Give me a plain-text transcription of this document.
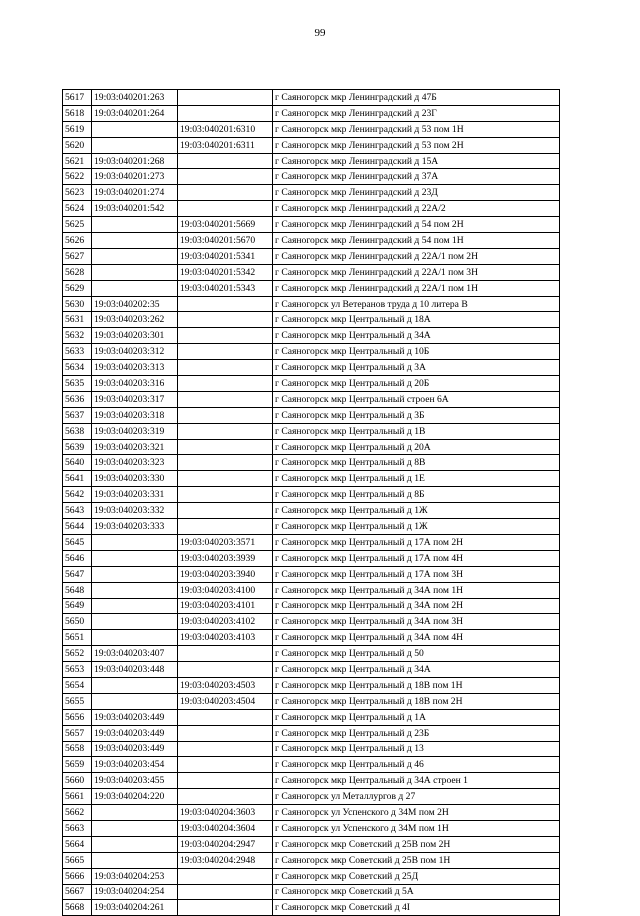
99
5617	19:03:040201:263		г Саяногорск мкр Ленинградский д 47Б
5618	19:03:040201:264		г Саяногорск мкр Ленинградский д 23Г
5619		19:03:040201:6310	г Саяногорск мкр Ленинградский д 53 пом 1Н
5620		19:03:040201:6311	г Саяногорск мкр Ленинградский д 53 пом 2Н
5621	19:03:040201:268		г Саяногорск мкр Ленинградский д 15А
5622	19:03:040201:273		г Саяногорск мкр Ленинградский д 37А
5623	19:03:040201:274		г Саяногорск мкр Ленинградский д 23Д
5624	19:03:040201:542		г Саяногорск мкр Ленинградский д 22А/2
5625		19:03:040201:5669	г Саяногорск мкр Ленинградский д 54 пом 2Н
5626		19:03:040201:5670	г Саяногорск мкр Ленинградский д 54 пом 1Н
5627		19:03:040201:5341	г Саяногорск мкр Ленинградский д 22А/1 пом 2Н
5628		19:03:040201:5342	г Саяногорск мкр Ленинградский д 22А/1 пом 3Н
5629		19:03:040201:5343	г Саяногорск мкр Ленинградский д 22А/1 пом 1Н
5630	19:03:040202:35		г Саяногорск ул Ветеранов труда д 10 литера В
5631	19:03:040203:262		г Саяногорск мкр Центральный д 18А
5632	19:03:040203:301		г Саяногорск мкр Центральный д 34А
5633	19:03:040203:312		г Саяногорск мкр Центральный д 10Б
5634	19:03:040203:313		г Саяногорск мкр Центральный д 3А
5635	19:03:040203:316		г Саяногорск мкр Центральный д 20Б
5636	19:03:040203:317		г Саяногорск мкр Центральный строен 6А
5637	19:03:040203:318		г Саяногорск мкр Центральный д 3Б
5638	19:03:040203:319		г Саяногорск мкр Центральный д 1В
5639	19:03:040203:321		г Саяногорск мкр Центральный д 20А
5640	19:03:040203:323		г Саяногорск мкр Центральный д 8В
5641	19:03:040203:330		г Саяногорск мкр Центральный д 1Е
5642	19:03:040203:331		г Саяногорск мкр Центральный д 8Б
5643	19:03:040203:332		г Саяногорск мкр Центральный д 1Ж
5644	19:03:040203:333		г Саяногорск мкр Центральный д 1Ж
5645		19:03:040203:3571	г Саяногорск мкр Центральный д 17А пом 2Н
5646		19:03:040203:3939	г Саяногорск мкр Центральный д 17А пом 4Н
5647		19:03:040203:3940	г Саяногорск мкр Центральный д 17А пом 3Н
5648		19:03:040203:4100	г Саяногорск мкр Центральный д 34А пом 1Н
5649		19:03:040203:4101	г Саяногорск мкр Центральный д 34А пом 2Н
5650		19:03:040203:4102	г Саяногорск мкр Центральный д 34А пом 3Н
5651		19:03:040203:4103	г Саяногорск мкр Центральный д 34А пом 4Н
5652	19:03:040203:407		г Саяногорск мкр Центральный д 50
5653	19:03:040203:448		г Саяногорск мкр Центральный д 34А
5654		19:03:040203:4503	г Саяногорск мкр Центральный д 18В пом 1Н
5655		19:03:040203:4504	г Саяногорск мкр Центральный д 18В пом 2Н
5656	19:03:040203:449		г Саяногорск мкр Центральный д 1А
5657	19:03:040203:449		г Саяногорск мкр Центральный д 23Б
5658	19:03:040203:449		г Саяногорск мкр Центральный д 13
5659	19:03:040203:454		г Саяногорск мкр Центральный д 46
5660	19:03:040203:455		г Саяногорск мкр Центральный д 34А строен 1
5661	19:03:040204:220		г Саяногорск ул Металлургов д 27
5662		19:03:040204:3603	г Саяногорск ул Успенского д 34М пом 2Н
5663		19:03:040204:3604	г Саяногорск ул Успенского д 34М пом 1Н
5664		19:03:040204:2947	г Саяногорск мкр Советский д 25В пом 2Н
5665		19:03:040204:2948	г Саяногорск мкр Советский д 25В пом 1Н
5666	19:03:040204:253		г Саяногорск мкр Советский д 25Д
5667	19:03:040204:254		г Саяногорск мкр Советский д 5А
5668	19:03:040204:261		г Саяногорск мкр Советский д 4І
